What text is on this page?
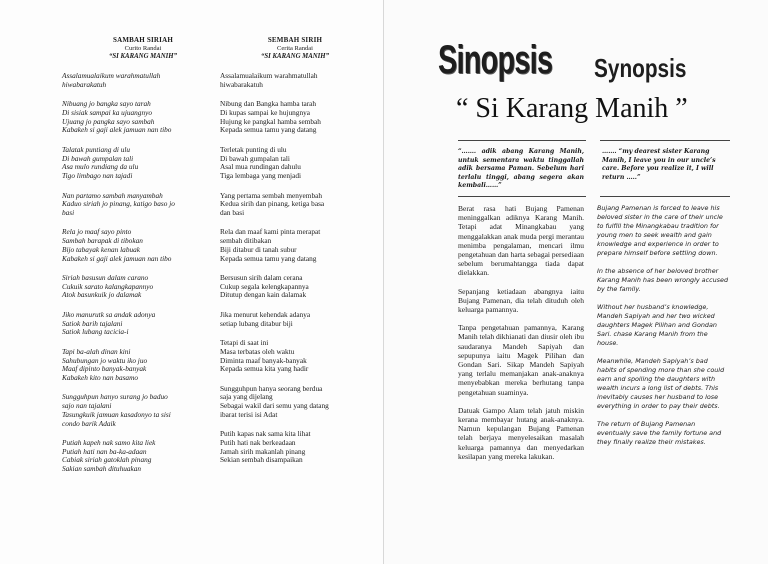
SAMBAH SIRIAH
Curito Randai
“SI KARANG MANIH”
Assalamualaikum warahmatullah
hiwabarakatuh
Nibuang jo bangka sayo tarah
Di sisiak sampai ka ujuangnyo
Ujuang jo pangka sayo sambah
Kabakeh si gaji alek jamuan nan tibo
Talatak puntiang di ulu
Di bawah gumpalan tali
Asa mulo rundiang da ulu
Tigo limbago nan tajadi
Nan partamo sambah manyambah
Kaduo siriah jo pinang, katigo baso jo
basi
Rela jo maaf sayo pinto
Sambah barapak di tibokan
Bijo tabayak kenan labuak
Kabakeh si gaji alek jamuan nan tibo
Siriah basusun dalam carano
Cukuik sarato kalangkapannyo
Atok basunkuik jo dalamak
Jiko manurutk sa andak adonya
Satiok barih tajalani
Satiok lubang tacicia-i
Tapi ba-alah dinan kini
Sahubungan jo waktu iko juo
Maaf dipinto banyak-banyak
Kabakeh kito nan basamo
Sungguhpun hanyo surang jo baduo
sajo nan tajalani
Tasungkuik jamuan kasadonyo ta sisi
condo barik Adaik
Putiah kapeh nak samo kita liek
Putiah hati nan ba-ka-adaan
Cabiak siriah gatoklah pinang
Sakian sambah dituhuakan
SEMBAH SIRIH
Cerita Randai
“SI KARANG MANIH”
Assalamualaikum warahmatullah
hiwabarakatuh
Nibung dan Bangka hamba tarah
Di kupas sampai ke hujungnya
Hujung ke pangkal hamba sembah
Kepada semua tamu yang datang
Terletak punting di ulu
Di bawah gumpalan tali
Asal mua rundingan dahulu
Tiga lembaga yang menjadi
Yang pertama sembah menyembah
Kedua sirih dan pinang, ketiga basa
dan basi
Rela dan maaf kami pinta merapat
sembah ditibakan
Biji ditabur di tanah subur
Kepada semua tamu yang datang
Bersusun sirih dalam cerana
Cukup segala kelengkapannya
Ditutup dengan kain dalamak
Jika menurut kehendak adanya
setiap lubang ditabur biji
Tetapi di saat ini
Masa terbatas oleh waktu
Diminta maaf banyak-banyak
Kepada semua kita yang hadir
Sungguhpun hanya seorang berdua
saja yang dijelang
Sebagai wakil dari semu yang datang
ibarat terisi isi Adat
Putih kapas nak sama kita lihat
Putih hati nak berkeadaan
Jamah sirih makanlah pinang
Sekian sembah disampaikan
Sinopsis Synopsis
“ Si Karang Manih ”
“……. adik abang Karang Manih, untuk sementara waktu tinggallah adik bersama Paman. Sebelum hari terlalu tinggi, abang segera akan kembali……”
……. “my dearest sister Karang Manih, I leave you in our uncle’s care. Before you realize it, I will return …..”
Berat rasa hati Bujang Pamenan meninggalkan adiknya Karang Manih. Tetapi adat Minangkabau yang menggalakkan anak muda pergi merantau menimba pengalaman, mencari ilmu pengetahuan dan harta sebagai persediaan sebelum berumahtangga tiada dapat dielakkan.
Sepanjang ketiadaan abangnya iaitu Bujang Pamenan, dia telah dituduh oleh keluarga pamannya.
Tanpa pengetahuan pamannya, Karang Manih telah dikhianati dan diusir oleh ibu saudaranya Mandeh Sapiyah dan sepupunya iaitu Magek Pilihan dan Gondan Sari. Sikap Mandeh Sapiyah yang terlalu memanjakan anak-anaknya menyebabkan mereka berhutang tanpa pengetahuan suaminya.
Datuak Gampo Alam telah jatuh miskin kerana membayar hutang anak-anaknya. Namun kepulangan Bujang Pamenan telah berjaya menyelesaikan masalah keluarga pamannya dan menyedarkan kesilapan yang mereka lakukan.
Bujang Pamenan is forced to leave his beloved sister in the care of their uncle to fulfill the Minangkabau tradition for young men to seek wealth and gain knowledge and experience in order to prepare himself before settling down.
In the absence of her beloved brother Karang Manih has been wrongly accused by the family.
Without her husband’s knowledge, Mandeh Sapiyah and her two wicked daughters Magek Pilihan and Gondan Sari. chase Karang Manih from the house.
Meanwhile, Mandeh Sapiyah’s bad habits of spending more than she could earn and spoiling the daughters with wealth incurs a long list of debts. This inevitably causes her husband to lose everything in order to pay their debts.
The return of Bujang Pamenan eventually save the family fortune and they finally realize their mistakes.
